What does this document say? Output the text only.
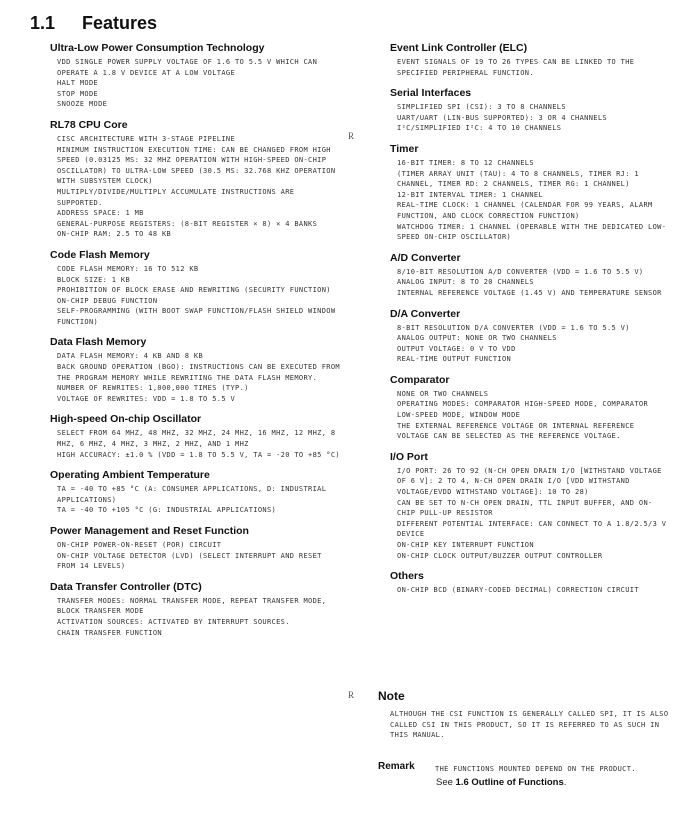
1.1 Features
Ultra-Low Power Consumption Technology
VDD SINGLE POWER SUPPLY VOLTAGE OF 1.6 TO 5.5 V WHICH CAN OPERATE A 1.8 V DEVICE AT A LOW VOLTAGE
HALT MODE
STOP MODE
SNOOZE MODE
RL78 CPU Core
CISC ARCHITECTURE WITH 3-STAGE PIPELINE
MINIMUM INSTRUCTION EXECUTION TIME: CAN BE CHANGED FROM HIGH SPEED (0.03125 ΜS: 32 MHZ OPERATION WITH HIGH-SPEED ON-CHIP OSCILLATOR) TO ULTRA-LOW SPEED (30.5 ΜS: 32.768 KHZ OPERATION WITH SUBSYSTEM CLOCK)
MULTIPLY/DIVIDE/MULTIPLY ACCUMULATE INSTRUCTIONS ARE SUPPORTED.
ADDRESS SPACE: 1 MB
GENERAL-PURPOSE REGISTERS: (8-BIT REGISTER × 8) × 4 BANKS
ON-CHIP RAM: 2.5 TO 48 KB
Code Flash Memory
CODE FLASH MEMORY: 16 TO 512 KB
BLOCK SIZE: 1 KB
PROHIBITION OF BLOCK ERASE AND REWRITING (SECURITY FUNCTION)
ON-CHIP DEBUG FUNCTION
SELF-PROGRAMMING (WITH BOOT SWAP FUNCTION/FLASH SHIELD WINDOW FUNCTION)
Data Flash Memory
DATA FLASH MEMORY: 4 KB AND 8 KB
BACK GROUND OPERATION (BGO): INSTRUCTIONS CAN BE EXECUTED FROM THE PROGRAM MEMORY WHILE REWRITING THE DATA FLASH MEMORY.
NUMBER OF REWRITES: 1,000,000 TIMES (TYP.)
VOLTAGE OF REWRITES: VDD = 1.8 TO 5.5 V
High-speed On-chip Oscillator
SELECT FROM 64 MHZ, 48 MHZ, 32 MHZ, 24 MHZ, 16 MHZ, 12 MHZ, 8 MHZ, 6 MHZ, 4 MHZ, 3 MHZ, 2 MHZ, AND 1 MHZ
HIGH ACCURACY: ±1.0 % (VDD = 1.8 TO 5.5 V, TA = -20 TO +85 °C)
Operating Ambient Temperature
TA = -40 TO +85 °C (A: CONSUMER APPLICATIONS, D: INDUSTRIAL APPLICATIONS)
TA = -40 TO +105 °C (G: INDUSTRIAL APPLICATIONS)
Power Management and Reset Function
ON-CHIP POWER-ON-RESET (POR) CIRCUIT
ON-CHIP VOLTAGE DETECTOR (LVD) (SELECT INTERRUPT AND RESET FROM 14 LEVELS)
Data Transfer Controller (DTC)
TRANSFER MODES: NORMAL TRANSFER MODE, REPEAT TRANSFER MODE, BLOCK TRANSFER MODE
ACTIVATION SOURCES: ACTIVATED BY INTERRUPT SOURCES.
CHAIN TRANSFER FUNCTION
Event Link Controller (ELC)
EVENT SIGNALS OF 19 TO 26 TYPES CAN BE LINKED TO THE SPECIFIED PERIPHERAL FUNCTION.
Serial Interfaces
SIMPLIFIED SPI (CSI): 3 TO 8 CHANNELS
UART/UART (LIN-BUS SUPPORTED): 3 OR 4 CHANNELS
I²C/SIMPLIFIED I²C: 4 TO 10 CHANNELS
Timer
16-BIT TIMER: 8 TO 12 CHANNELS
(TIMER ARRAY UNIT (TAU): 4 TO 8 CHANNELS, TIMER RJ: 1 CHANNEL, TIMER RD: 2 CHANNELS, TIMER RG: 1 CHANNEL)
12-BIT INTERVAL TIMER: 1 CHANNEL
REAL-TIME CLOCK: 1 CHANNEL (CALENDAR FOR 99 YEARS, ALARM FUNCTION, AND CLOCK CORRECTION FUNCTION)
WATCHDOG TIMER: 1 CHANNEL (OPERABLE WITH THE DEDICATED LOW-SPEED ON-CHIP OSCILLATOR)
A/D Converter
8/10-BIT RESOLUTION A/D CONVERTER (VDD = 1.6 TO 5.5 V)
ANALOG INPUT: 8 TO 20 CHANNELS
INTERNAL REFERENCE VOLTAGE (1.45 V) AND TEMPERATURE SENSOR
D/A Converter
8-BIT RESOLUTION D/A CONVERTER (VDD = 1.6 TO 5.5 V)
ANALOG OUTPUT: NONE OR TWO CHANNELS
OUTPUT VOLTAGE: 0 V TO VDD
REAL-TIME OUTPUT FUNCTION
Comparator
NONE OR TWO CHANNELS
OPERATING MODES: COMPARATOR HIGH-SPEED MODE, COMPARATOR LOW-SPEED MODE, WINDOW MODE
THE EXTERNAL REFERENCE VOLTAGE OR INTERNAL REFERENCE VOLTAGE CAN BE SELECTED AS THE REFERENCE VOLTAGE.
I/O Port
I/O PORT: 26 TO 92 (N-CH OPEN DRAIN I/O [WITHSTAND VOLTAGE OF 6 V]: 2 TO 4, N-CH OPEN DRAIN I/O [VDD WITHSTAND VOLTAGE/EVDD WITHSTAND VOLTAGE]: 10 TO 28)
CAN BE SET TO N-CH OPEN DRAIN, TTL INPUT BUFFER, AND ON-CHIP PULL-UP RESISTOR
DIFFERENT POTENTIAL INTERFACE: CAN CONNECT TO A 1.8/2.5/3 V DEVICE
ON-CHIP KEY INTERRUPT FUNCTION
ON-CHIP CLOCK OUTPUT/BUZZER OUTPUT CONTROLLER
Others
ON-CHIP BCD (BINARY-CODED DECIMAL) CORRECTION CIRCUIT
R
R Note
ALTHOUGH THE CSI FUNCTION IS GENERALLY CALLED SPI, IT IS ALSO CALLED CSI IN THIS PRODUCT, SO IT IS REFERRED TO AS SUCH IN THIS MANUAL.
Remark	THE FUNCTIONS MOUNTED DEPEND ON THE PRODUCT.
See 1.6 Outline of Functions.
